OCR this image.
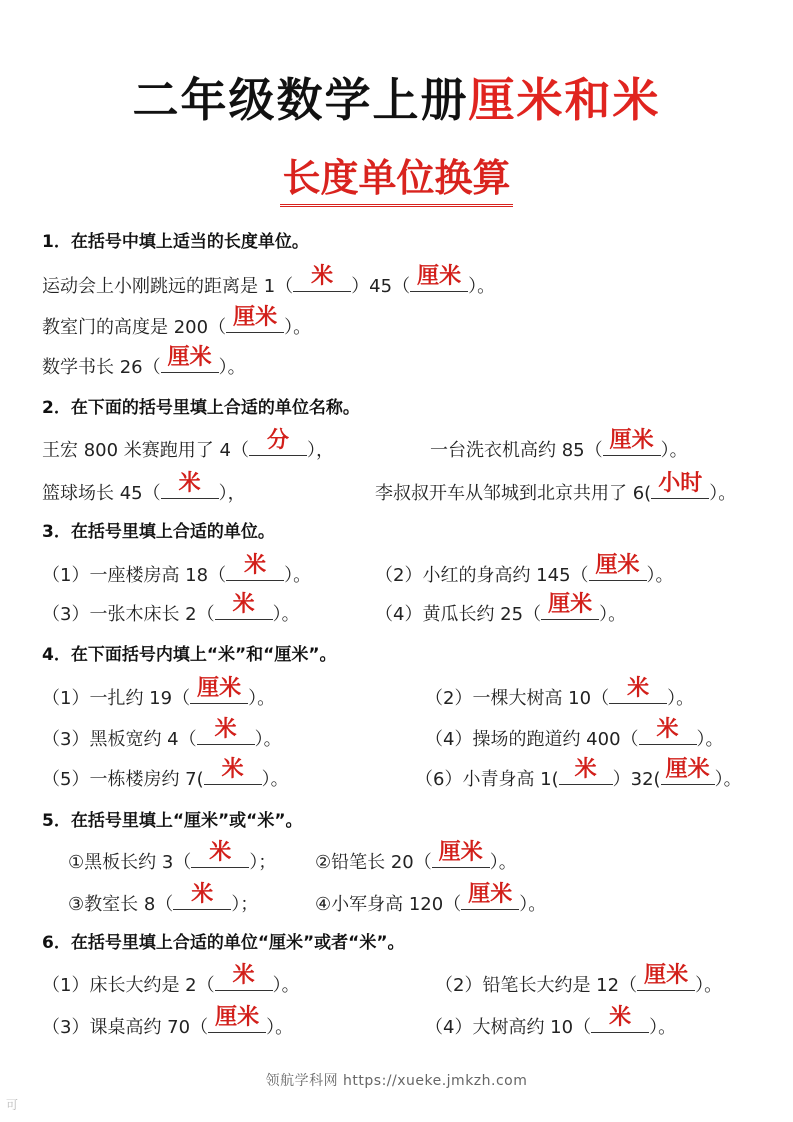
二年级数学上册厘米和米
长度单位换算
1．在括号中填上适当的长度单位。
运动会上小刚跳远的距离是 1（ 米	）45（ 厘米 ）。
教室门的高度是 200（ 厘米 ）。
数学书长 26（ 厘米 ）。
2．在下面的括号里填上合适的单位名称。
王宏 800 米赛跑用了 4（ 分	），	一台洗衣机高约 85（ 厘米 ）。
篮球场长 45（ 米	），	李叔叔开车从邹城到北京共用了 6( 小时 ）。
3．在括号里填上合适的单位。
（1）一座楼房高 18（ 米	）。	（2）小红的身高约 145（ 厘米 ）。
（3）一张木床长 2（ 米	）。	（4）黄瓜长约 25（ 厘米 ）。
4．在下面括号内填上“米”和“厘米”。
（1）一扎约 19（ 厘米 ）。	（2）一棵大树高 10（ 米	）。
（3）黑板宽约 4（ 米	）。	（4）操场的跑道约 400（ 米	）。
（5）一栋楼房约 7( 米	）。	（6）小青身高 1( 米 ）32( 厘米 ）。
5．在括号里填上“厘米”或“米”。
①黑板长约 3（ 米	）； ②铅笔长 20（ 厘米 ）。
③教室长 8（ 米	）；	④小军身高 120（ 厘米 ）。
6．在括号里填上合适的单位“厘米”或者“米”。
（1）床长大约是 2（ 米	）。	（2）铅笔长大约是 12（ 厘米 ）。
（3）课桌高约 70（ 厘米 ）。	（4）大树高约 10（ 米	）。
领航学科网 https://xueke.jmkzh.com
可
